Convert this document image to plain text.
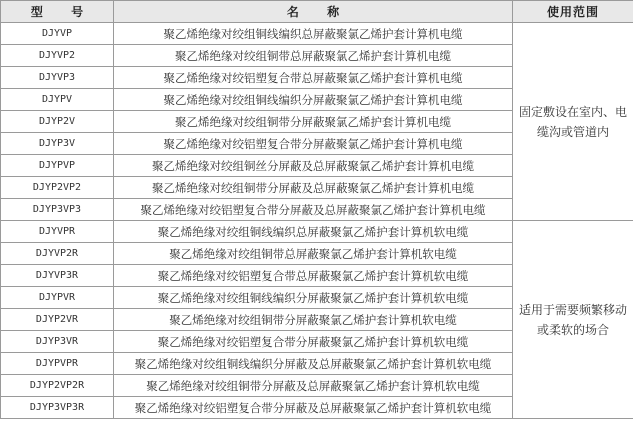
型 号	名 称	使用范围
DJYVP	聚乙烯绝缘对绞组铜线编织总屏蔽聚氯乙烯护套计算机电缆	固定敷设在室内、电缆沟或管道内
DJYVP2	聚乙烯绝缘对绞组铜带总屏蔽聚氯乙烯护套计算机电缆	
DJYVP3	聚乙烯绝缘对绞铝塑复合带总屏蔽聚氯乙烯护套计算机电缆	
DJYPV	聚乙烯绝缘对绞组铜线编织分屏蔽聚氯乙烯护套计算机电缆	
DJYP2V	聚乙烯绝缘对绞组铜带分屏蔽聚氯乙烯护套计算机电缆	
DJYP3V	聚乙烯绝缘对绞铝塑复合带分屏蔽聚氯乙烯护套计算机电缆	
DJYPVP	聚乙烯绝缘对绞组铜丝分屏蔽及总屏蔽聚氯乙烯护套计算机电缆	
DJYP2VP2	聚乙烯绝缘对绞组铜带分屏蔽及总屏蔽聚氯乙烯护套计算机电缆	
DJYP3VP3	聚乙烯绝缘对绞铝塑复合带分屏蔽及总屏蔽聚氯乙烯护套计算机电缆	
DJYVPR	聚乙烯绝缘对绞组铜线编织总屏蔽聚氯乙烯护套计算机软电缆	适用于需要频繁移动或柔软的场合
DJYVP2R	聚乙烯绝缘对绞组铜带总屏蔽聚氯乙烯护套计算机软电缆	
DJYVP3R	聚乙烯绝缘对绞铝塑复合带总屏蔽聚氯乙烯护套计算机软电缆	
DJYPVR	聚乙烯绝缘对绞组铜线编织分屏蔽聚氯乙烯护套计算机软电缆	
DJYP2VR	聚乙烯绝缘对绞组铜带分屏蔽聚氯乙烯护套计算机软电缆	
DJYP3VR	聚乙烯绝缘对绞铝塑复合带分屏蔽聚氯乙烯护套计算机软电缆	
DJYPVPR	聚乙烯绝缘对绞组铜线编织分屏蔽及总屏蔽聚氯乙烯护套计算机软电缆	
DJYP2VP2R	聚乙烯绝缘对绞组铜带分屏蔽及总屏蔽聚氯乙烯护套计算机软电缆	
DJYP3VP3R	聚乙烯绝缘对绞铝塑复合带分屏蔽及总屏蔽聚氯乙烯护套计算机软电缆	
